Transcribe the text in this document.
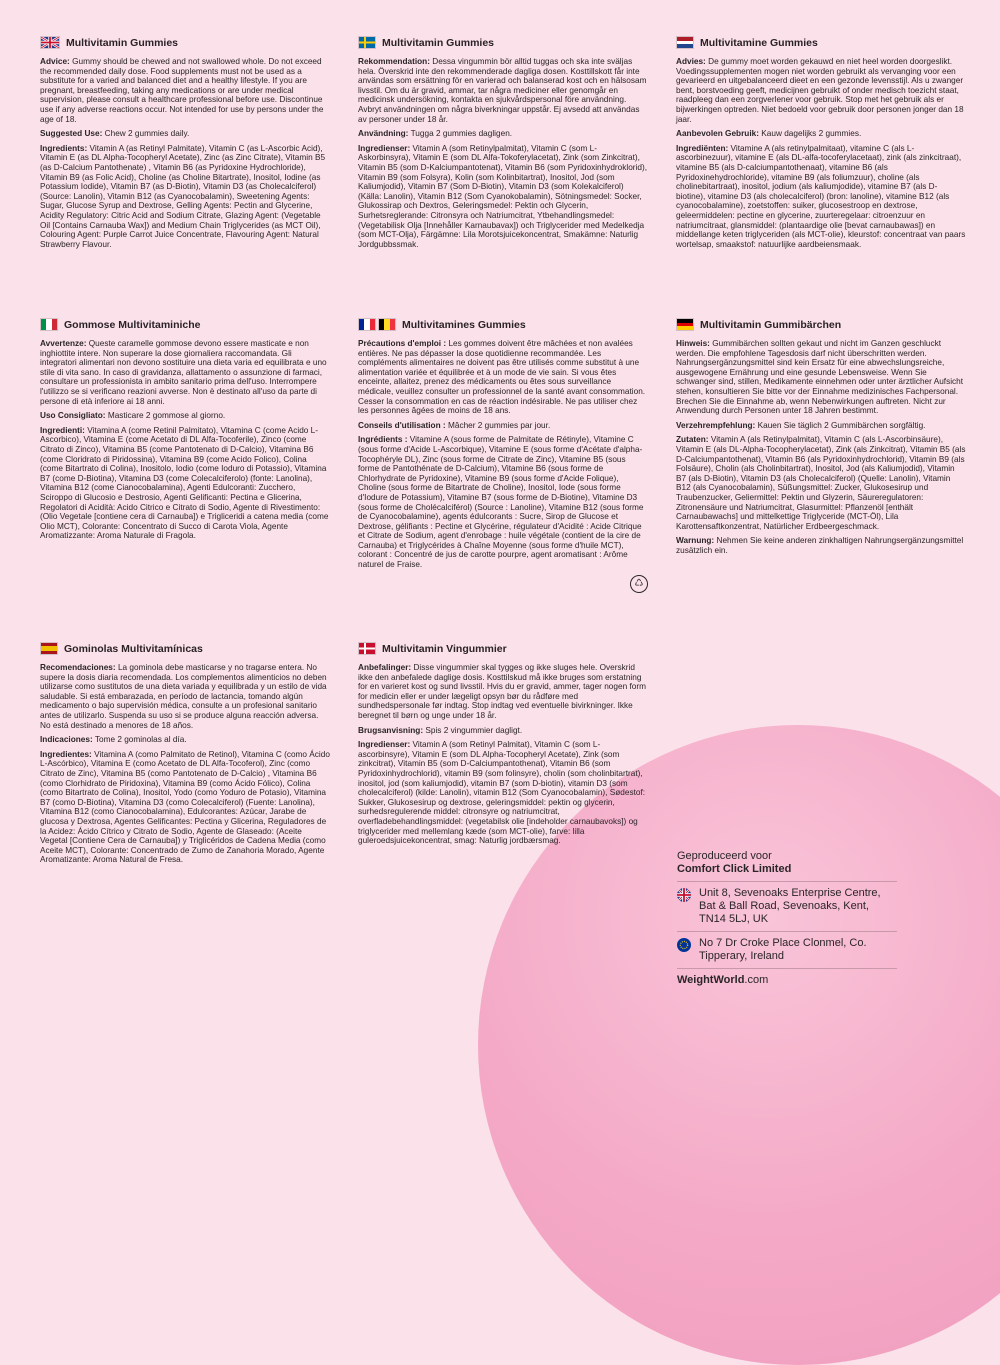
Multivitamin Gummies

Advice: Gummy should be chewed and not swallowed whole. Do not exceed the recommended daily dose. Food supplements must not be used as a substitute for a varied and balanced diet and a healthy lifestyle. If you are pregnant, breastfeeding, taking any medications or are under medical supervision, please consult a healthcare professional before use. Discontinue use if any adverse reactions occur. Not intended for use by persons under the age of 18.

Suggested Use: Chew 2 gummies daily.

Ingredients: Vitamin A (as Retinyl Palmitate), Vitamin C (as L-Ascorbic Acid), Vitamin E (as DL Alpha-Tocopheryl Acetate), Zinc (as Zinc Citrate), Vitamin B5 (as D-Calcium Pantothenate) , Vitamin B6 (as Pyridoxine Hydrochloride), Vitamin B9 (as Folic Acid), Choline (as Choline Bitartrate), Inositol, Iodine (as Potassium Iodide), Vitamin B7 (as D-Biotin), Vitamin D3 (as Cholecalciferol) (Source: Lanolin), Vitamin B12 (as Cyanocobalamin), Sweetening Agents: Sugar, Glucose Syrup and Dextrose, Gelling Agents: Pectin and Glycerine, Acidity Regulatory: Citric Acid and Sodium Citrate, Glazing Agent: (Vegetable Oil [Contains Carnauba Wax]) and Medium Chain Triglycerides (as MCT Oil), Colouring Agent: Purple Carrot Juice Concentrate, Flavouring Agent: Natural Strawberry Flavour.

Multivitamin Gummies

Rekommendation: Dessa vingummin bör alltid tuggas och ska inte sväljas hela. Överskrid inte den rekommenderade dagliga dosen. Kosttillskott får inte användas som ersättning för en varierad och balanserad kost och en hälsosam livsstil. Om du är gravid, ammar, tar några mediciner eller genomgår en medicinsk undersökning, kontakta en sjukvårdspersonal före användning. Avbryt användningen om några biverkningar uppstår. Ej avsedd att användas av personer under 18 år.

Användning: Tugga 2 gummies dagligen.

Ingredienser: Vitamin A (som Retinylpalmitat), Vitamin C (som L-Askorbinsyra), Vitamin E (som DL Alfa-Tokoferylacetat), Zink (som Zinkcitrat), Vitamin B5 (som D-Kalciumpantotenat), Vitamin B6 (som Pyridoxinhydroklorid), Vitamin B9 (som Folsyra), Kolin (som Kolinbitartrat), Inositol, Jod (som Kaliumjodid), Vitamin B7 (Som D-Biotin), Vitamin D3 (som Kolekalciferol) (Källa: Lanolin), Vitamin B12 (Som Cyanokobalamin), Sötningsmedel: Socker, Glukossirap och Dextros, Geleringsmedel: Pektin och Glycerin, Surhetsreglerande: Citronsyra och Natriumcitrat, Ytbehandlingsmedel: (Vegetabilisk Olja [Innehåller Karnaubavax]) och Triglycerider med Medelkedja (som MCT-Olja), Färgämne: Lila Morotsjuicekoncentrat, Smakämne: Naturlig Jordgubbssmak.

Multivitamine Gummies

Advies: De gummy moet worden gekauwd en niet heel worden doorgeslikt. Voedingssupplementen mogen niet worden gebruikt als vervanging voor een gevarieerd en uitgebalanceerd dieet en een gezonde levensstijl. Als u zwanger bent, borstvoeding geeft, medicijnen gebruikt of onder medisch toezicht staat, raadpleeg dan een zorgverlener voor gebruik. Stop met het gebruik als er bijwerkingen optreden. Niet bedoeld voor gebruik door personen jonger dan 18 jaar.

Aanbevolen Gebruik: Kauw dagelijks 2 gummies.

Ingrediënten: Vitamine A (als retinylpalmitaat), vitamine C (als L-ascorbinezuur), vitamine E (als DL-alfa-tocoferylacetaat), zink (als zinkcitraat), vitamine B5 (als D-calciumpantothenaat), vitamine B6 (als Pyridoxinehydrochloride), vitamine B9 (als foliumzuur), choline (als cholinebitartraat), inositol, jodium (als kaliumjodide), vitamine B7 (als D-biotine), vitamine D3 (als cholecalciferol) (bron: lanoline), vitamine B12 (als cyanocobalamine), zoetstoffen: suiker, glucosestroop en dextrose, geleermiddelen: pectine en glycerine, zuurteregelaar: citroenzuur en natriumcitraat, glansmiddel: (plantaardige olie [bevat carnaubawas]) en middellange keten triglyceriden (als MCT-olie), kleurstof: concentraat van paars wortelsap, smaakstof: natuurlijke aardbeiensmaak.

Gommose Multivitaminiche

Avvertenze: Queste caramelle gommose devono essere masticate e non inghiottite intere. Non superare la dose giornaliera raccomandata. Gli integratori alimentari non devono sostituire una dieta varia ed equilibrata e uno stile di vita sano. In caso di gravidanza, allattamento o assunzione di farmaci, consultare un professionista in ambito sanitario prima dell'uso. Interrompere l'utilizzo se si verificano reazioni avverse. Non è destinato all'uso da parte di persone di età inferiore ai 18 anni.

Uso Consigliato: Masticare 2 gommose al giorno.

Ingredienti: Vitamina A (come Retinil Palmitato), Vitamina C (come Acido L-Ascorbico), Vitamina E (come Acetato di DL Alfa-Tocoferile), Zinco (come Citrato di Zinco), Vitamina B5 (come Pantotenato di D-Calcio), Vitamina B6 (come Cloridrato di Piridossina), Vitamina B9 (come Acido Folico), Colina (come Bitartrato di Colina), Inositolo, Iodio (come Ioduro di Potassio), Vitamina B7 (come D-Biotina), Vitamina D3 (come Colecalciferolo) (fonte: Lanolina), Vitamina B12 (come Cianocobalamina), Agenti Edulcoranti: Zucchero, Sciroppo di Glucosio e Destrosio, Agenti Gelificanti: Pectina e Glicerina, Regolatori di Acidità: Acido Citrico e Citrato di Sodio, Agente di Rivestimento: (Olio Vegetale [contiene cera di Carnauba]) e Trigliceridi a catena media (come Olio MCT), Colorante: Concentrato di Succo di Carota Viola, Agente Aromatizzante: Aroma Naturale di Fragola.

Multivitamines Gummies

Précautions d'emploi : Les gommes doivent être mâchées et non avalées entières. Ne pas dépasser la dose quotidienne recommandée. Les compléments alimentaires ne doivent pas être utilisés comme substitut à une alimentation variée et équilibrée et à un mode de vie sain. Si vous êtes enceinte, allaitez, prenez des médicaments ou êtes sous surveillance médicale, veuillez consulter un professionnel de la santé avant consommation. Cesser la consommation en cas de réaction indésirable. Ne pas utiliser chez les personnes âgées de moins de 18 ans.

Conseils d'utilisation : Mâcher 2 gummies par jour.

Ingrédients : Vitamine A (sous forme de Palmitate de Rétinyle), Vitamine C (sous forme d'Acide L-Ascorbique), Vitamine E (sous forme d'Acétate d'alpha-Tocophéryle DL), Zinc (sous forme de Citrate de Zinc), Vitamine B5 (sous forme de Pantothénate de D-Calcium), Vitamine B6 (sous forme de Chlorhydrate de Pyridoxine), Vitamine B9 (sous forme d'Acide Folique), Choline (sous forme de Bitartrate de Choline), Inositol, Iode (sous forme d'Iodure de Potassium), Vitamine B7 (sous forme de D-Biotine), Vitamine D3 (sous forme de Cholécalciférol) (Source : Lanoline), Vitamine B12 (sous forme de Cyanocobalamine), agents édulcorants : Sucre, Sirop de Glucose et Dextrose, gélifiants : Pectine et Glycérine, régulateur d'Acidité : Acide Citrique et Citrate de Sodium, agent d'enrobage : huile végétale (contient de la cire de Carnauba) et Triglycérides à Chaîne Moyenne (sous forme d'huile MCT), colorant : Concentré de jus de carotte pourpre, agent aromatisant : Arôme naturel de Fraise.

♺
Multivitamin Gummibärchen

Hinweis: Gummibärchen sollten gekaut und nicht im Ganzen geschluckt werden. Die empfohlene Tagesdosis darf nicht überschritten werden. Nahrungsergänzungsmittel sind kein Ersatz für eine abwechslungsreiche, ausgewogene Ernährung und eine gesunde Lebensweise. Wenn Sie schwanger sind, stillen, Medikamente einnehmen oder unter ärztlicher Aufsicht stehen, konsultieren Sie bitte vor der Einnahme medizinisches Fachpersonal. Brechen Sie die Einnahme ab, wenn Nebenwirkungen auftreten. Nicht zur Anwendung durch Personen unter 18 Jahren bestimmt.

Verzehrempfehlung: Kauen Sie täglich 2 Gummibärchen sorgfältig.

Zutaten: Vitamin A (als Retinylpalmitat), Vitamin C (als L-Ascorbinsäure), Vitamin E (als DL-Alpha-Tocopherylacetat), Zink (als Zinkcitrat), Vitamin B5 (als D-Calciumpantothenat), Vitamin B6 (als Pyridoxinhydrochlorid), Vitamin B9 (als Folsäure), Cholin (als Cholinbitartrat), Inositol, Jod (als Kaliumjodid), Vitamin B7 (als D-Biotin), Vitamin D3 (als Cholecalciferol) (Quelle: Lanolin), Vitamin B12 (als Cyanocobalamin), Süßungsmittel: Zucker, Glukosesirup und Traubenzucker, Geliermittel: Pektin und Glyzerin, Säureregulatoren: Zitronensäure und Natriumcitrat, Glasurmittel: Pflanzenöl [enthält Carnaubawachs] und mittelkettige Triglyceride (MCT-Öl), Lila Karottensaftkonzentrat, Natürlicher Erdbeergeschmack.

Warnung: Nehmen Sie keine anderen zinkhaltigen Nahrungsergänzungsmittel zusätzlich ein.

Gominolas Multivitamínicas

Recomendaciones: La gominola debe masticarse y no tragarse entera. No supere la dosis diaria recomendada. Los complementos alimenticios no deben utilizarse como sustitutos de una dieta variada y equilibrada y un estilo de vida saludable. Si está embarazada, en período de lactancia, tomando algún medicamento o bajo supervisión médica, consulte a un profesional sanitario antes de utilizarlo. Suspenda su uso si se produce alguna reacción adversa. No está destinado a menores de 18 años.

Indicaciones: Tome 2 gominolas al día.

Ingredientes: Vitamina A (como Palmitato de Retinol), Vitamina C (como Ácido L-Ascórbico), Vitamina E (como Acetato de DL Alfa-Tocoferol), Zinc (como Citrato de Zinc), Vitamina B5 (como Pantotenato de D-Calcio) , Vitamina B6 (como Clorhidrato de Piridoxina), Vitamina B9 (como Ácido Fólico), Colina (como Bitartrato de Colina), Inositol, Yodo (como Yoduro de Potasio), Vitamina B7 (como D-Biotina), Vitamina D3 (como Colecalciferol) (Fuente: Lanolina), Vitamina B12 (como Cianocobalamina), Edulcorantes: Azúcar, Jarabe de glucosa y Dextrosa, Agentes Gelificantes: Pectina y Glicerina, Reguladores de la Acidez: Ácido Cítrico y Citrato de Sodio, Agente de Glaseado: (Aceite Vegetal [Contiene Cera de Carnauba]) y Triglicéridos de Cadena Media (como Aceite MCT), Colorante: Concentrado de Zumo de Zanahoria Morado, Agente Aromatizante: Aroma Natural de Fresa.

Multivitamin Vingummier

Anbefalinger: Disse vingummier skal tygges og ikke sluges hele. Overskrid ikke den anbefalede daglige dosis. Kosttilskud må ikke bruges som erstatning for en varieret kost og sund livsstil. Hvis du er gravid, ammer, tager nogen form for medicin eller er under lægeligt opsyn bør du rådføre med sundhedspersonale før indtag. Stop indtag ved eventuelle bivirkninger. Ikke beregnet til børn og unge under 18 år.

Brugsanvisning: Spis 2 vingummier dagligt.

Ingredienser: Vitamin A (som Retinyl Palmitat), Vitamin C (som L-ascorbinsyre), Vitamin E (som DL Alpha-Tocopheryl Acetate), Zink (som zinkcitrat), Vitamin B5 (som D-Calciumpantothenat), Vitamin B6 (som Pyridoxinhydrochlorid), vitamin B9 (som folinsyre), cholin (som cholinbitartrat), inositol, jod (som kaliumjodid), vitamin B7 (som D-biotin), vitamin D3 (som cholecalciferol) (kilde: Lanolin), vitamin B12 (Som Cyanocobalamin), Sødestof: Sukker, Glukosesirup og dextrose, geleringsmiddel: pektin og glycerin, surhedsregulerende middel: citronsyre og natriumcitrat, overfladebehandlingsmiddel: (vegetabilsk olie [indeholder carnaubavoks]) og triglycerider med mellemlang kæde (som MCT-olie), farve: lilla guleroedsjuicekoncentrat, smag: Naturlig jordbærsmag.

Geproduceerd voor
Comfort Click Limited
Unit 8, Sevenoaks Enterprise Centre, Bat & Ball Road, Sevenoaks, Kent, TN14 5LJ, UK
No 7 Dr Croke Place Clonmel, Co. Tipperary, Ireland
WeightWorld.com
